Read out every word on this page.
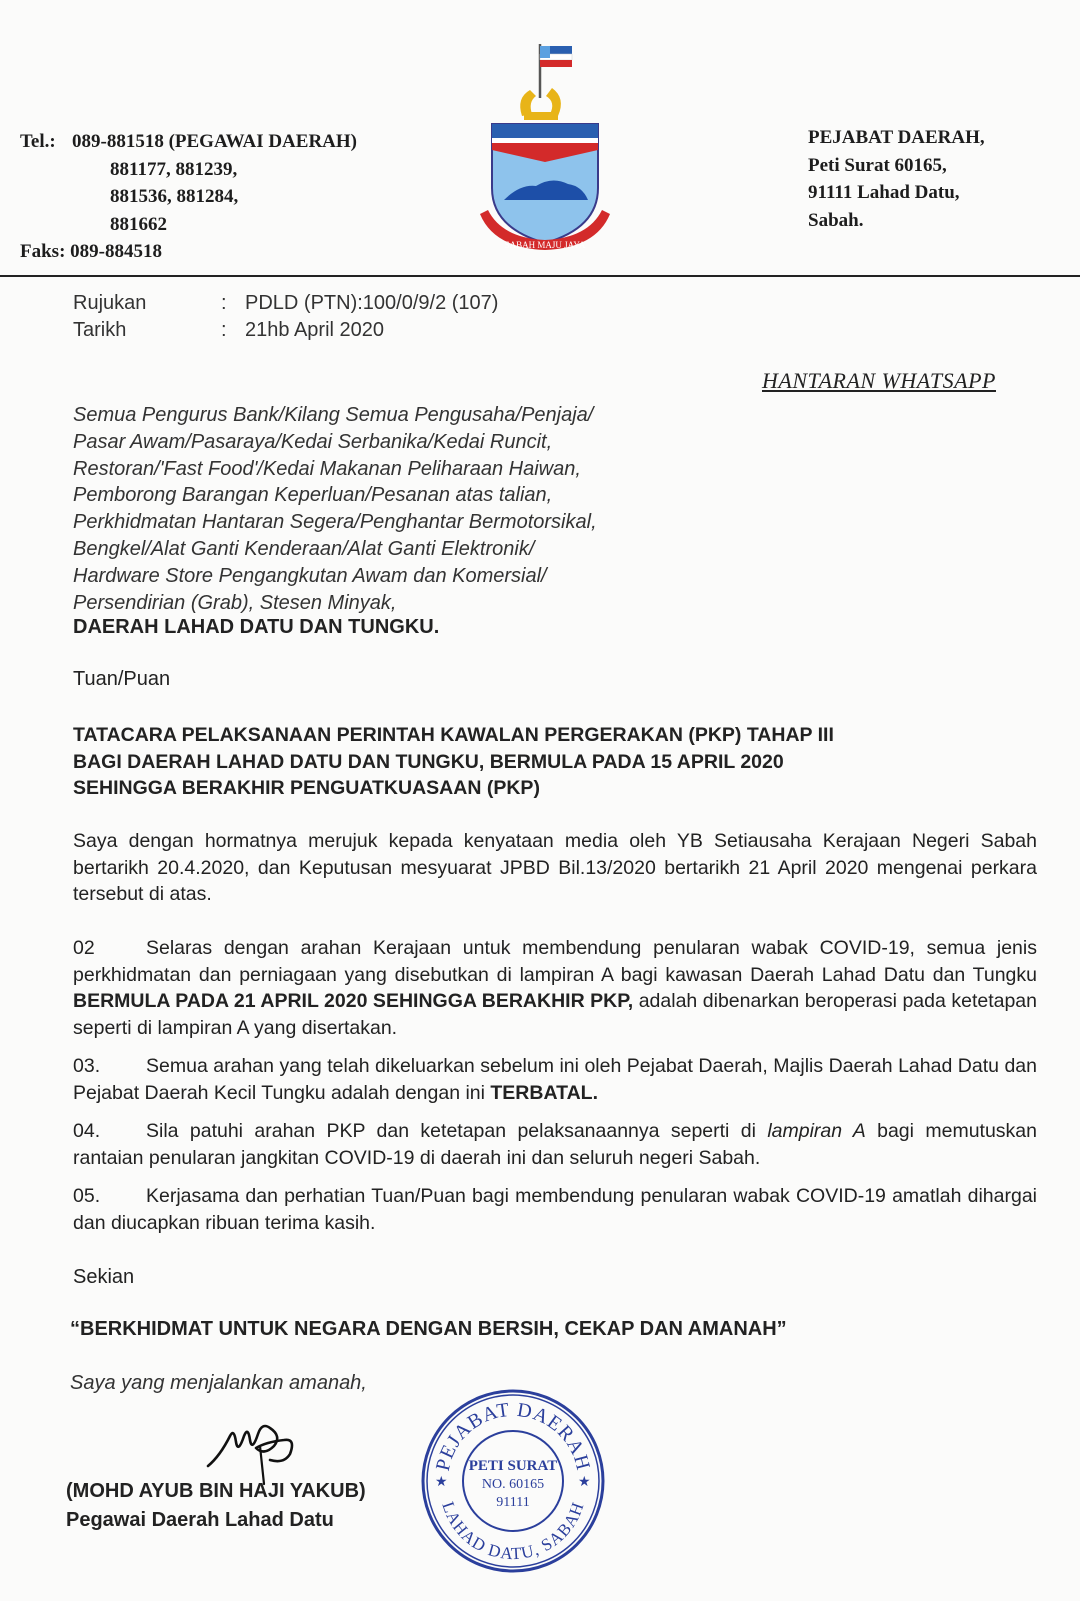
Tel.: 089-881518 (PEGAWAI DAERAH)
881177, 881239,
881536, 881284,
881662
Faks: 089-884518	SABAH MAJU JAYA
PEJABAT DAERAH,
Peti Surat 60165,
91111 Lahad Datu,
Sabah.
Rujukan	: PDLD (PTN):100/0/9/2 (107)
Tarikh	: 21hb April 2020
HANTARAN WHATSAPP
Semua Pengurus Bank/Kilang Semua Pengusaha/Penjaja/
Pasar Awam/Pasaraya/Kedai Serbanika/Kedai Runcit,
Restoran/'Fast Food'/Kedai Makanan Peliharaan Haiwan,
Pemborong Barangan Keperluan/Pesanan atas talian,
Perkhidmatan Hantaran Segera/Penghantar Bermotorsikal,
Bengkel/Alat Ganti Kenderaan/Alat Ganti Elektronik/
Hardware Store Pengangkutan Awam dan Komersial/
Persendirian (Grab), Stesen Minyak,
DAERAH LAHAD DATU DAN TUNGKU.
Tuan/Puan
TATACARA PELAKSANAAN PERINTAH KAWALAN PERGERAKAN (PKP) TAHAP III
BAGI DAERAH LAHAD DATU DAN TUNGKU, BERMULA PADA 15 APRIL 2020
SEHINGGA BERAKHIR PENGUATKUASAAN (PKP)
Saya dengan hormatnya merujuk kepada kenyataan media oleh YB Setiausaha Kerajaan Negeri Sabah bertarikh 20.4.2020, dan Keputusan mesyuarat JPBD Bil.13/2020 bertarikh 21 April 2020 mengenai perkara tersebut di atas.
02	Selaras dengan arahan Kerajaan untuk membendung penularan wabak COVID-19, semua jenis perkhidmatan dan perniagaan yang disebutkan di lampiran A bagi kawasan Daerah Lahad Datu dan Tungku BERMULA PADA 21 APRIL 2020 SEHINGGA BERAKHIR PKP, adalah dibenarkan beroperasi pada ketetapan seperti di lampiran A yang disertakan.
03. Semua arahan yang telah dikeluarkan sebelum ini oleh Pejabat Daerah, Majlis Daerah Lahad Datu dan Pejabat Daerah Kecil Tungku adalah dengan ini TERBATAL.
04. Sila patuhi arahan PKP dan ketetapan pelaksanaannya seperti di lampiran A bagi memutuskan rantaian penularan jangkitan COVID-19 di daerah ini dan seluruh negeri Sabah.
05. Kerjasama dan perhatian Tuan/Puan bagi membendung penularan wabak COVID-19 amatlah dihargai dan diucapkan ribuan terima kasih.
Sekian
“BERKHIDMAT UNTUK NEGARA DENGAN BERSIH, CEKAP DAN AMANAH”
Saya yang menjalankan amanah,
(MOHD AYUB BIN HAJI YAKUB)
Pegawai Daerah Lahad Datu
PEJABAT DAERAH
LAHAD DATU, SABAH
★	★
PETI SURAT
NO. 60165
91111
